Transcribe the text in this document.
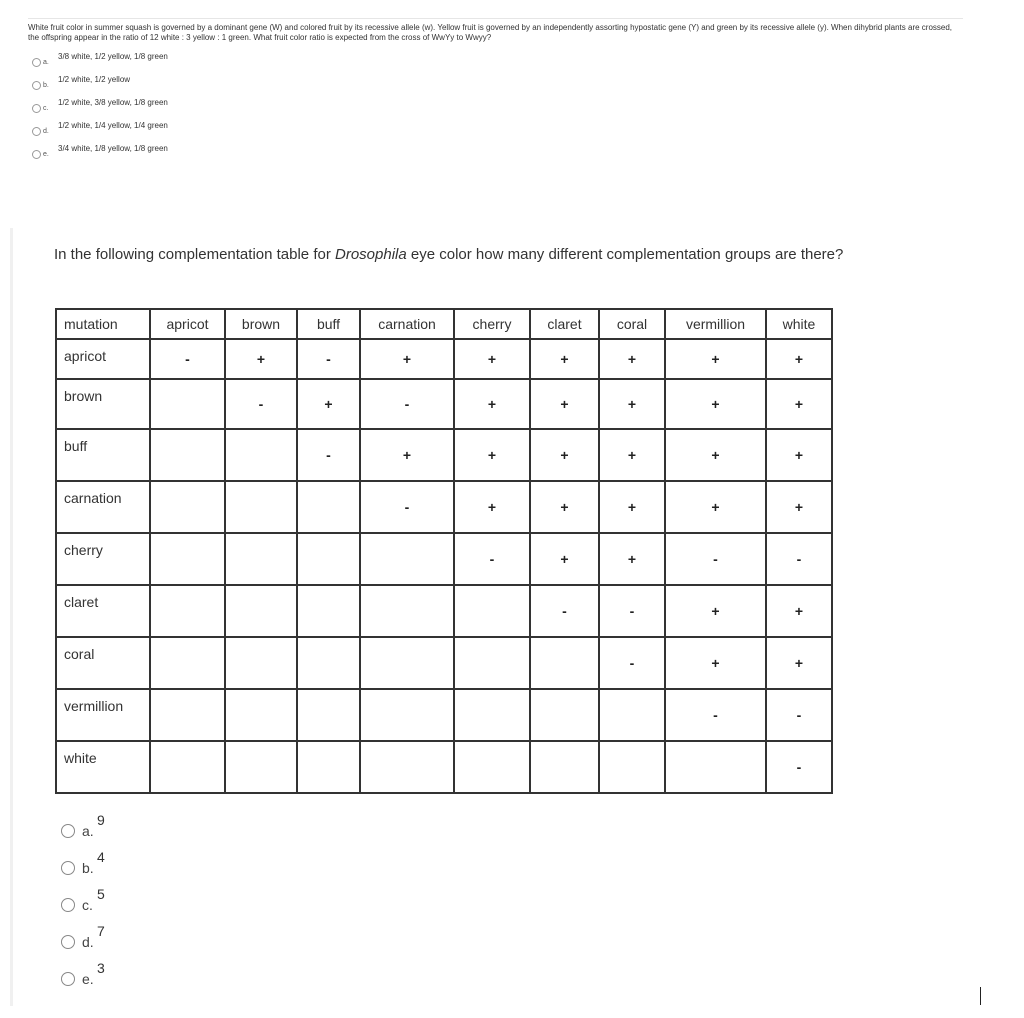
White fruit color in summer squash is governed by a dominant gene (W) and colored fruit by its recessive allele (w). Yellow fruit is governed by an independently assorting hypostatic gene (Y) and green by its recessive allele (y). When dihybrid plants are crossed, the offspring appear in the ratio of 12 white : 3 yellow : 1 green. What fruit color ratio is expected from the cross of WwYy to Wwyy?

a.
3/8 white, 1/2 yellow, 1/8 green
b.
1/2 white, 1/2 yellow
c.
1/2 white, 3/8 yellow, 1/8 green
d.
1/2 white, 1/4 yellow, 1/4 green
e.
3/4 white, 1/8 yellow, 1/8 green

In the following complementation table for Drosophila eye color how many different complementation groups are there?

mutation	apricot	brown	buff	carnation	cherry	claret	coral	vermillion	white
apricot	-	+	-	+	+	+	+	+	+
brown		-	+	-	+	+	+	+	+
buff			-	+	+	+	+	+	+
carnation				-	+	+	+	+	+
cherry					-	+	+	-	-
claret						-	-	+	+
coral							-	+	+
vermillion								-	-
white									-
a.
9
b.
4
c.
5
d.
7
e.
3
